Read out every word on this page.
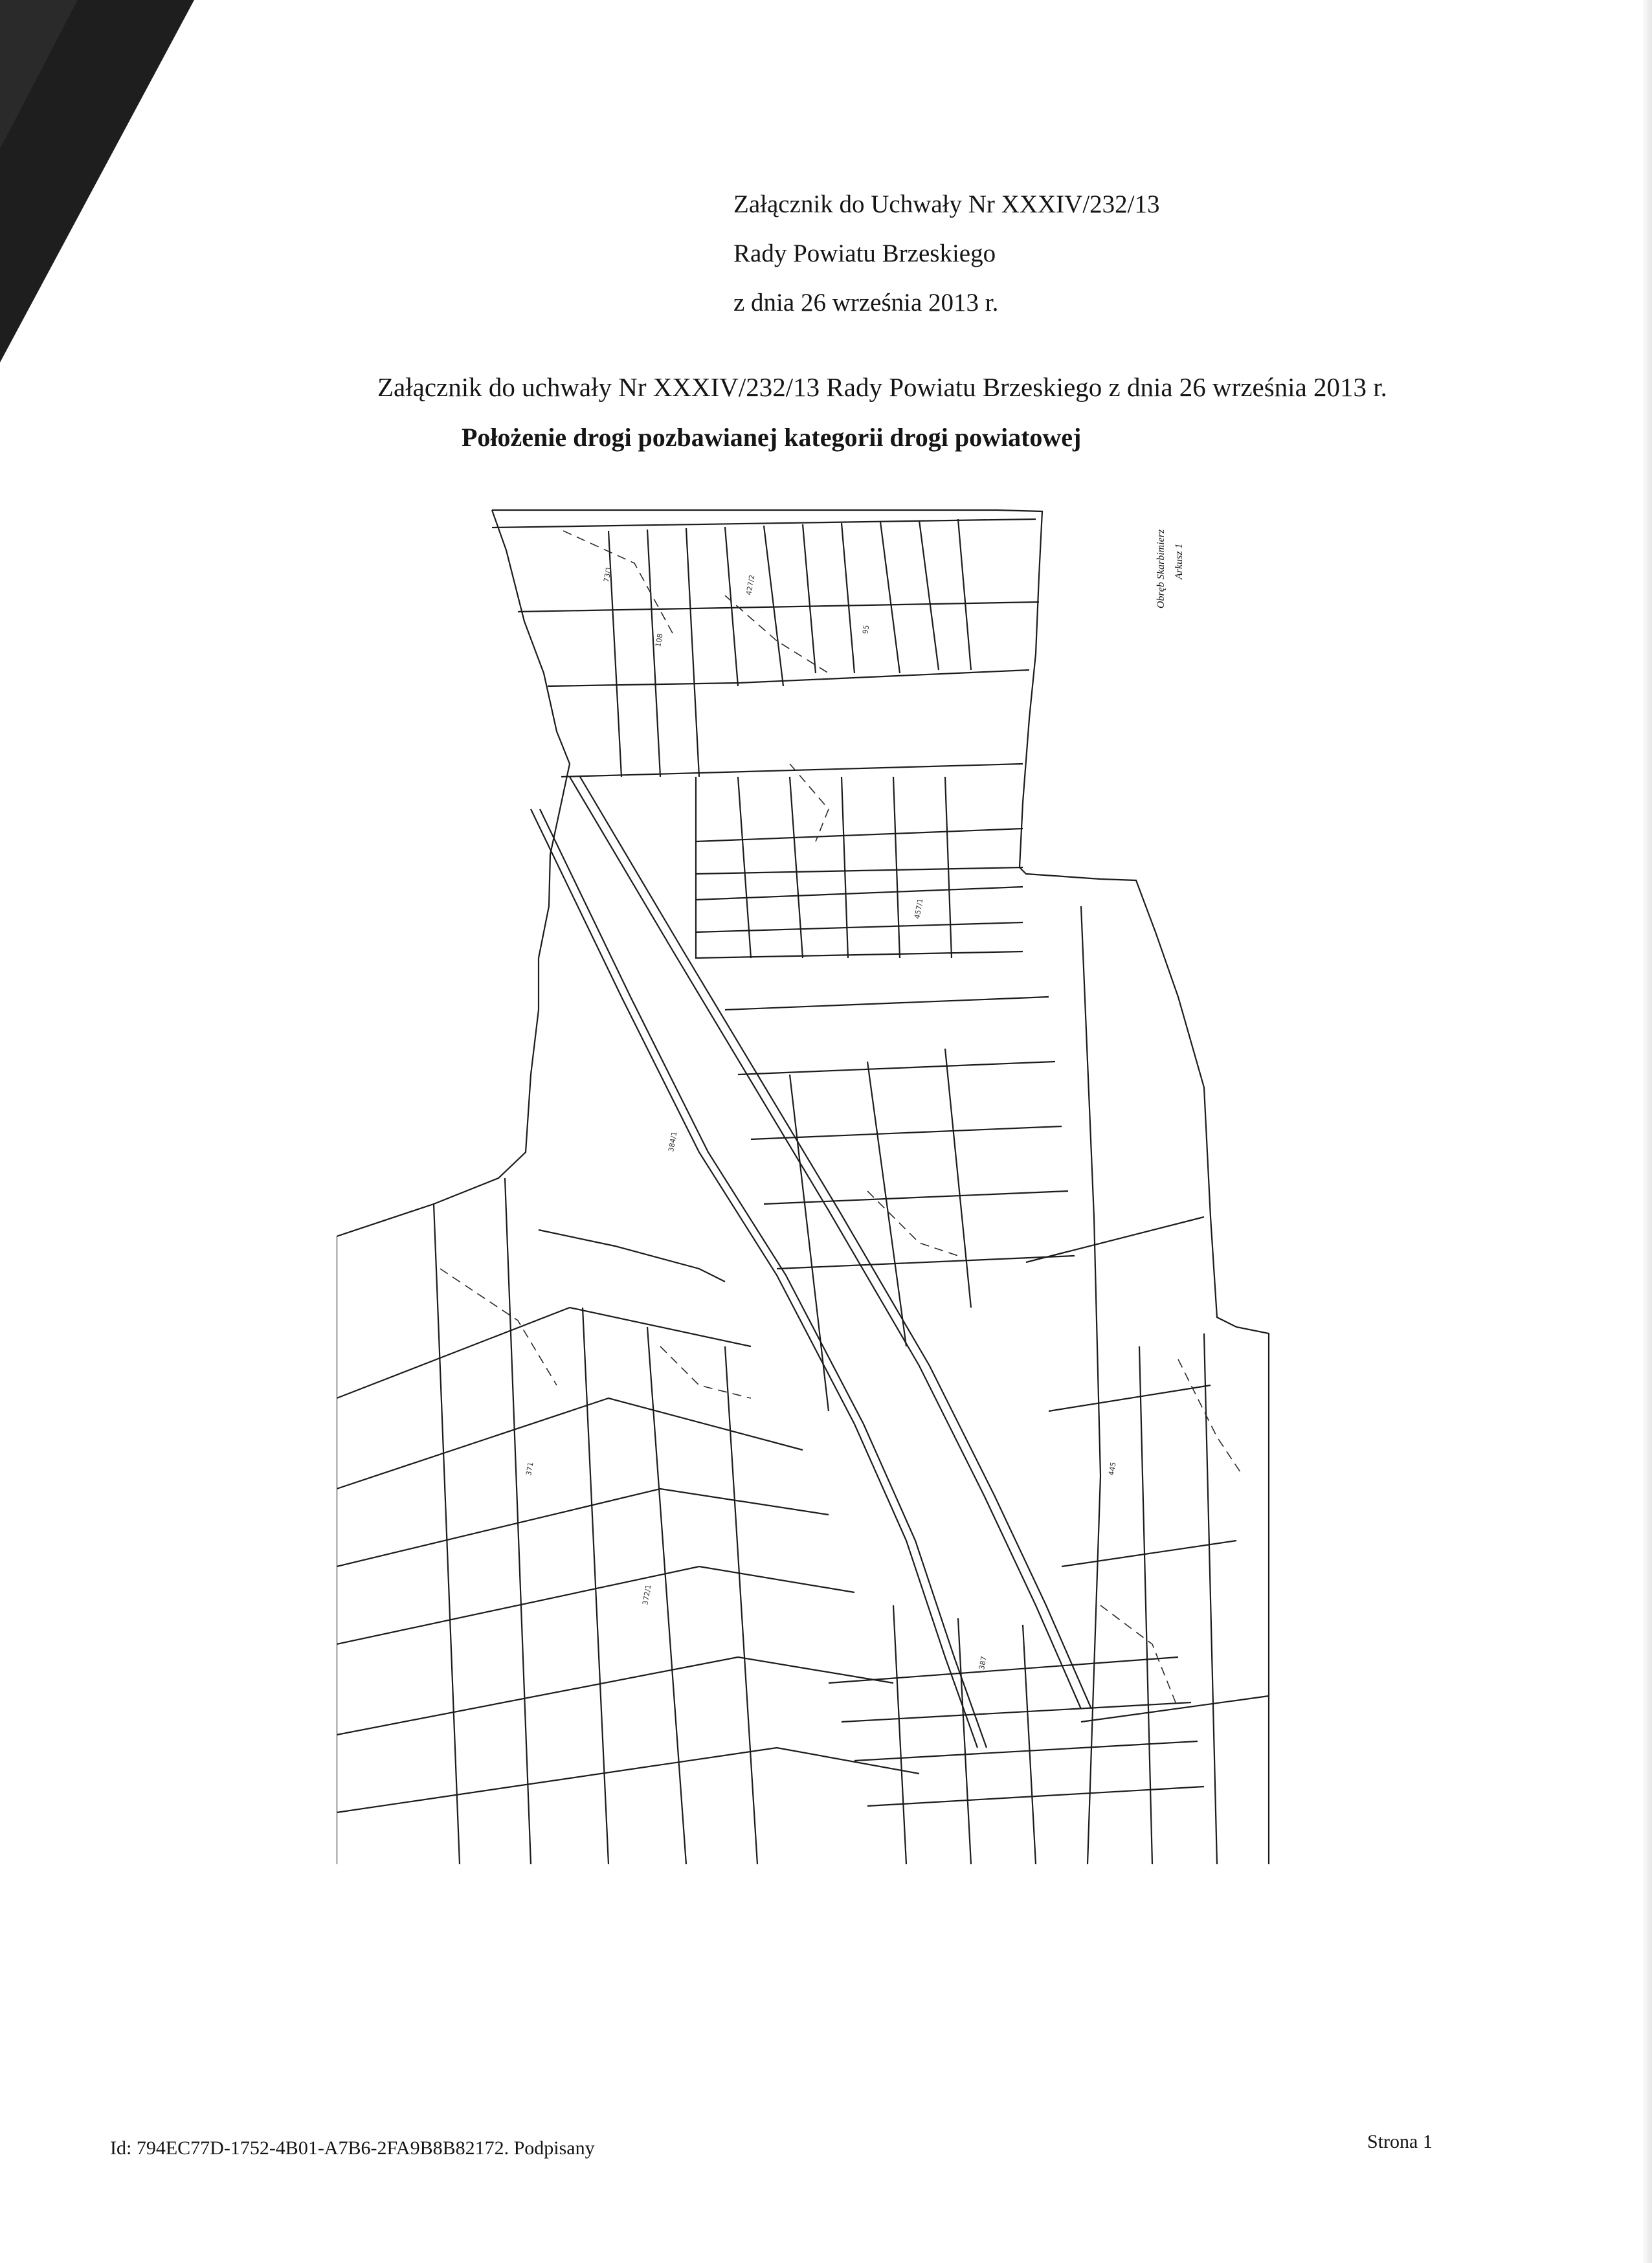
Załącznik do Uchwały Nr XXXIV/232/13
Rady Powiatu Brzeskiego
z dnia 26 września 2013 r.
Załącznik do uchwały Nr XXXIV/232/13 Rady Powiatu Brzeskiego z dnia 26 września 2013 r.
Położenie drogi pozbawianej kategorii drogi powiatowej
73/1
108
427/2
95
457/1
384/1
371
372/1
387
445
Obręb Skarbimierz Arkusz 1
Id: 794EC77D-1752-4B01-A7B6-2FA9B8B82172. Podpisany	Strona 1
